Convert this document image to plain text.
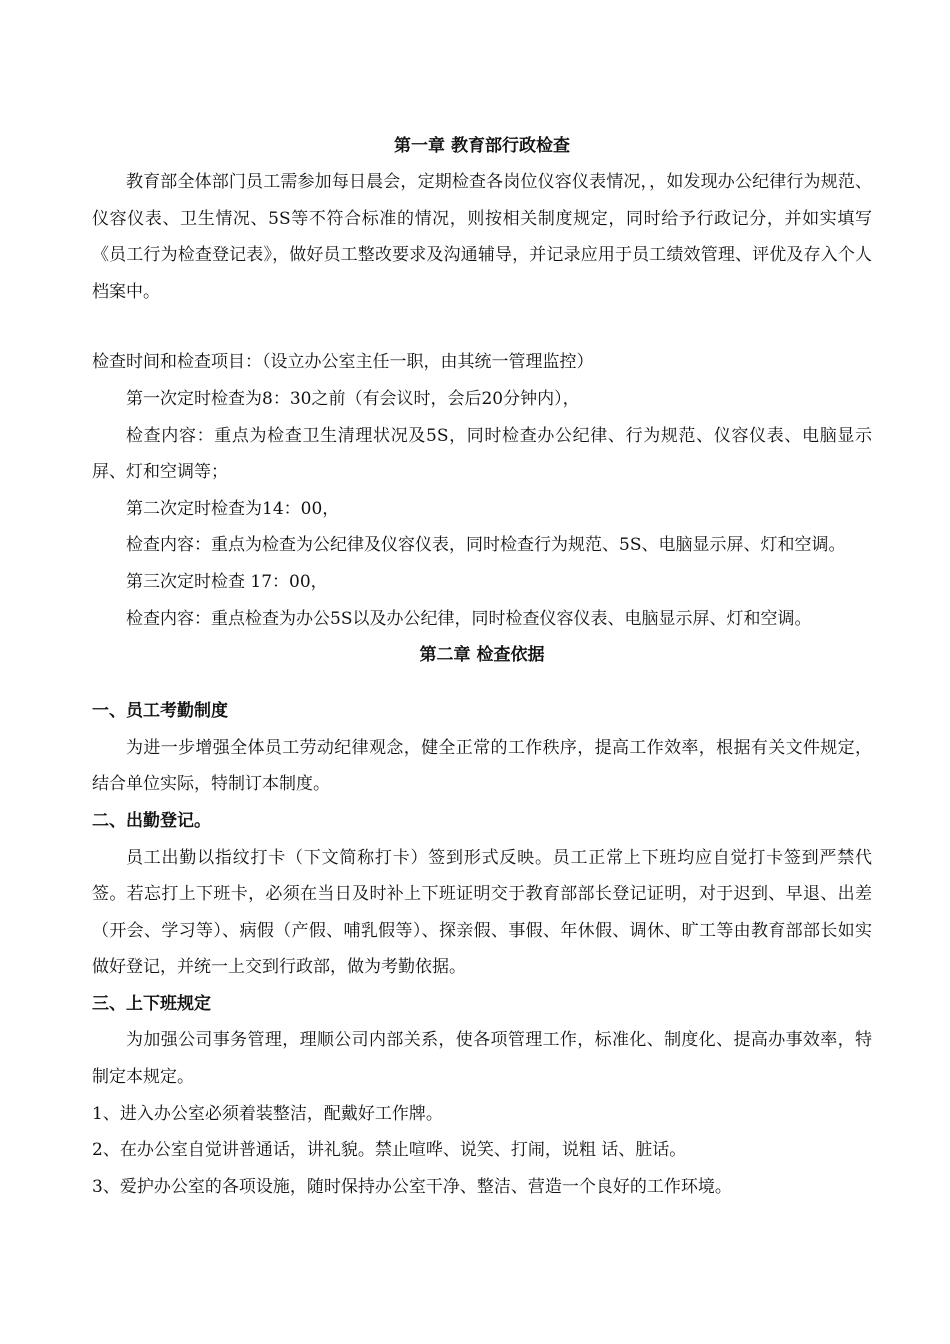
第一章 教育部行政检查

教育部全体部门员工需参加每日晨会，定期检查各岗位仪容仪表情况，，如发现办公纪律行为规范、仪容仪表、卫生情况、5S等不符合标准的情况，则按相关制度规定，同时给予行政记分，并如实填写《员工行为检查登记表》，做好员工整改要求及沟通辅导，并记录应用于员工绩效管理、评优及存入个人档案中。

检查时间和检查项目：（设立办公室主任一职，由其统一管理监控）

第一次定时检查为8：30之前（有会议时，会后20分钟内），

检查内容：重点为检查卫生清理状况及5S，同时检查办公纪律、行为规范、仪容仪表、电脑显示屏、灯和空调等；

第二次定时检查为14：00，

检查内容：重点为检查为公纪律及仪容仪表，同时检查行为规范、5S、电脑显示屏、灯和空调。

第三次定时检查 17：00，

检查内容：重点检查为办公5S以及办公纪律，同时检查仪容仪表、电脑显示屏、灯和空调。

第二章 检查依据

一、员工考勤制度

为进一步增强全体员工劳动纪律观念，健全正常的工作秩序，提高工作效率，根据有关文件规定，结合单位实际，特制订本制度。

二、出勤登记。

员工出勤以指纹打卡（下文简称打卡）签到形式反映。员工正常上下班均应自觉打卡签到严禁代签。若忘打上下班卡，必须在当日及时补上下班证明交于教育部部长登记证明，对于迟到、早退、出差（开会、学习等）、病假（产假、哺乳假等）、探亲假、事假、年休假、调休、旷工等由教育部部长如实做好登记，并统一上交到行政部，做为考勤依据。

三、上下班规定

为加强公司事务管理，理顺公司内部关系，使各项管理工作，标准化、制度化、提高办事效率，特制定本规定。

1、进入办公室必须着装整洁，配戴好工作牌。

2、在办公室自觉讲普通话，讲礼貌。禁止喧哗、说笑、打闹，说粗 话、脏话。

3、爱护办公室的各项设施，随时保持办公室干净、整洁、营造一个良好的工作环境。
